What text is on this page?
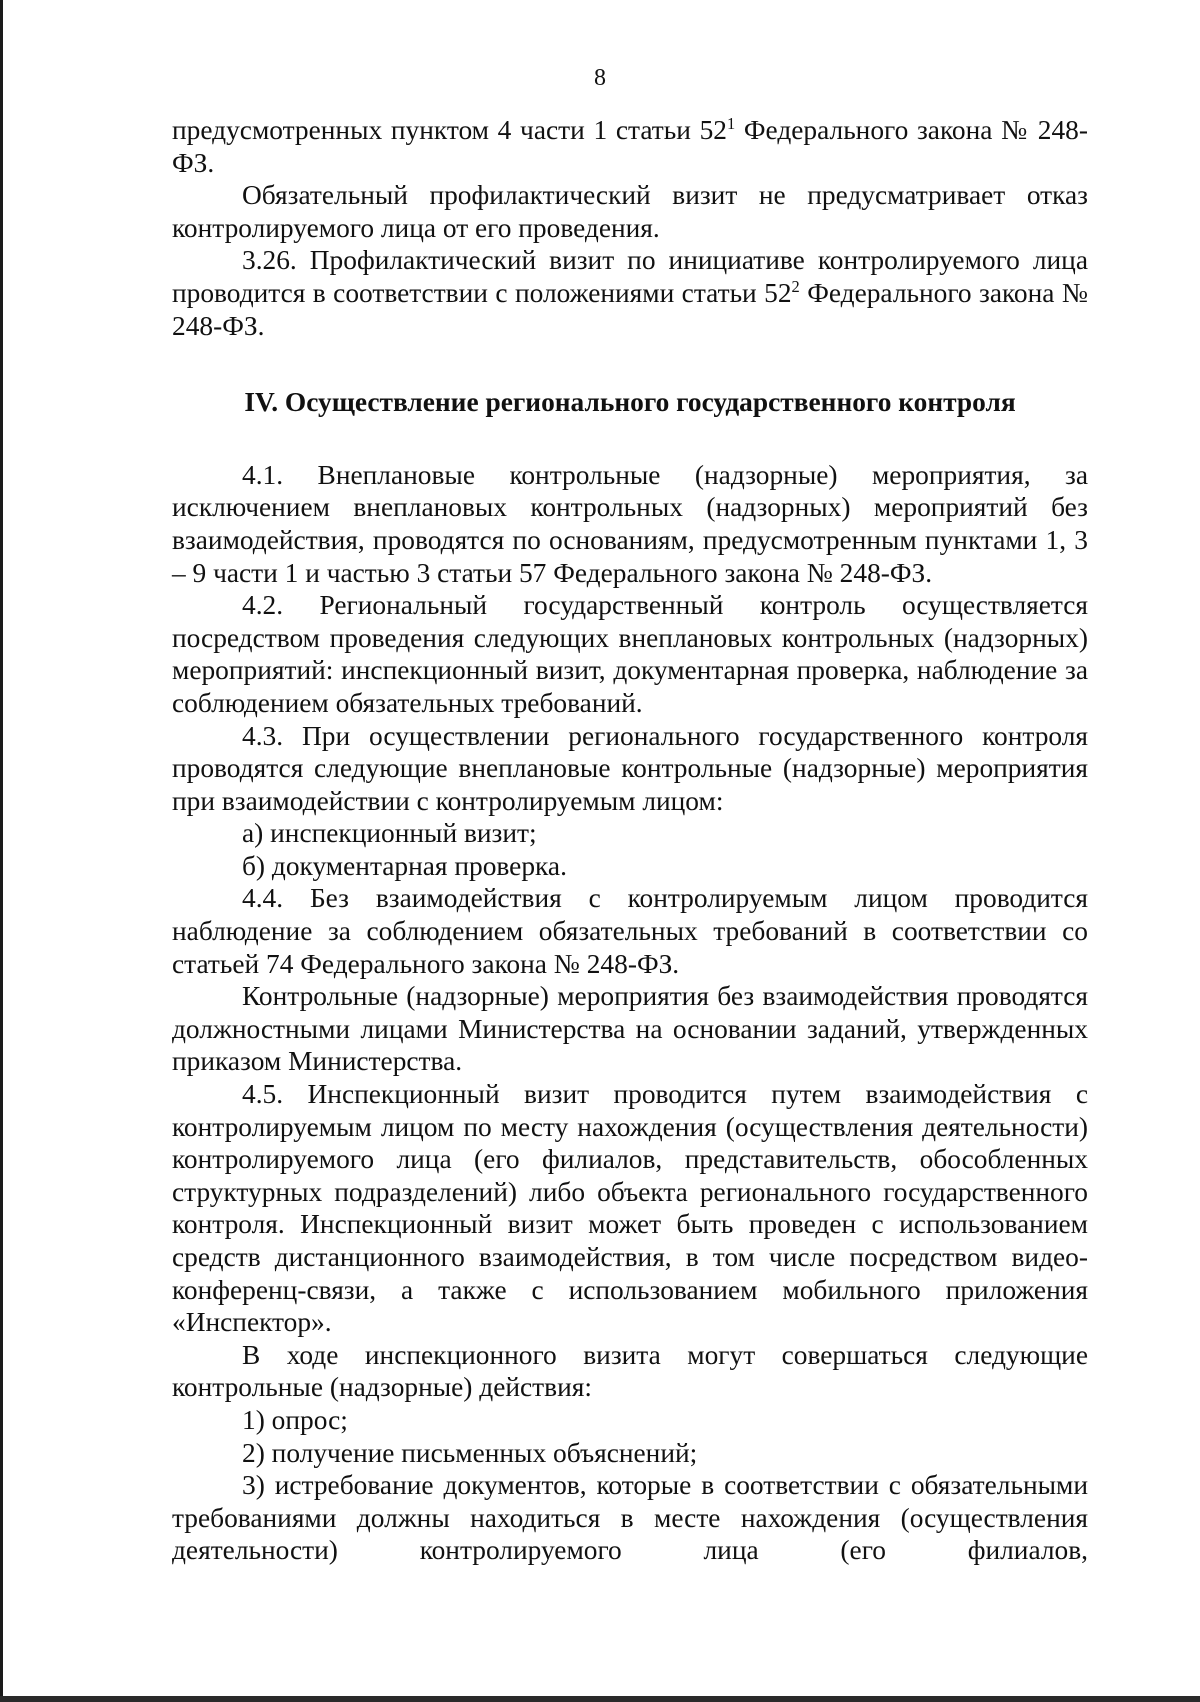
8

предусмотренных пунктом 4 части 1 статьи $52^1$ Федерального закона № 248-ФЗ.

Обязательный профилактический визит не предусматривает отказ контролируемого лица от его проведения.

3.26. Профилактический визит по инициативе контролируемого лица проводится в соответствии с положениями статьи $52^2$ Федерального закона № 248-ФЗ.

IV. Осуществление регионального государственного контроля

4.1. Внеплановые контрольные (надзорные) мероприятия, за исключением внеплановых контрольных (надзорных) мероприятий без взаимодействия, проводятся по основаниям, предусмотренным пунктами 1, 3 – 9 части 1 и частью 3 статьи 57 Федерального закона № 248-ФЗ.

4.2. Региональный государственный контроль осуществляется посредством проведения следующих внеплановых контрольных (надзорных) мероприятий: инспекционный визит, документарная проверка, наблюдение за соблюдением обязательных требований.

4.3. При осуществлении регионального государственного контроля проводятся следующие внеплановые контрольные (надзорные) мероприятия при взаимодействии с контролируемым лицом:

а) инспекционный визит;

б) документарная проверка.

4.4. Без взаимодействия с контролируемым лицом проводится наблюдение за соблюдением обязательных требований в соответствии со статьей 74 Федерального закона № 248-ФЗ.

Контрольные (надзорные) мероприятия без взаимодействия проводятся должностными лицами Министерства на основании заданий, утвержденных приказом Министерства.

4.5. Инспекционный визит проводится путем взаимодействия с контролируемым лицом по месту нахождения (осуществления деятельности) контролируемого лица (его филиалов, представительств, обособленных структурных подразделений) либо объекта регионального государственного контроля. Инспекционный визит может быть проведен с использованием средств дистанционного взаимодействия, в том числе посредством видео-конференц-связи, а также с использованием мобильного приложения «Инспектор».

В ходе инспекционного визита могут совершаться следующие контрольные (надзорные) действия:

1) опрос;

2) получение письменных объяснений;

3) истребование документов, которые в соответствии с обязательными требованиями должны находиться в месте нахождения (осуществления деятельности) контролируемого лица (его филиалов,
